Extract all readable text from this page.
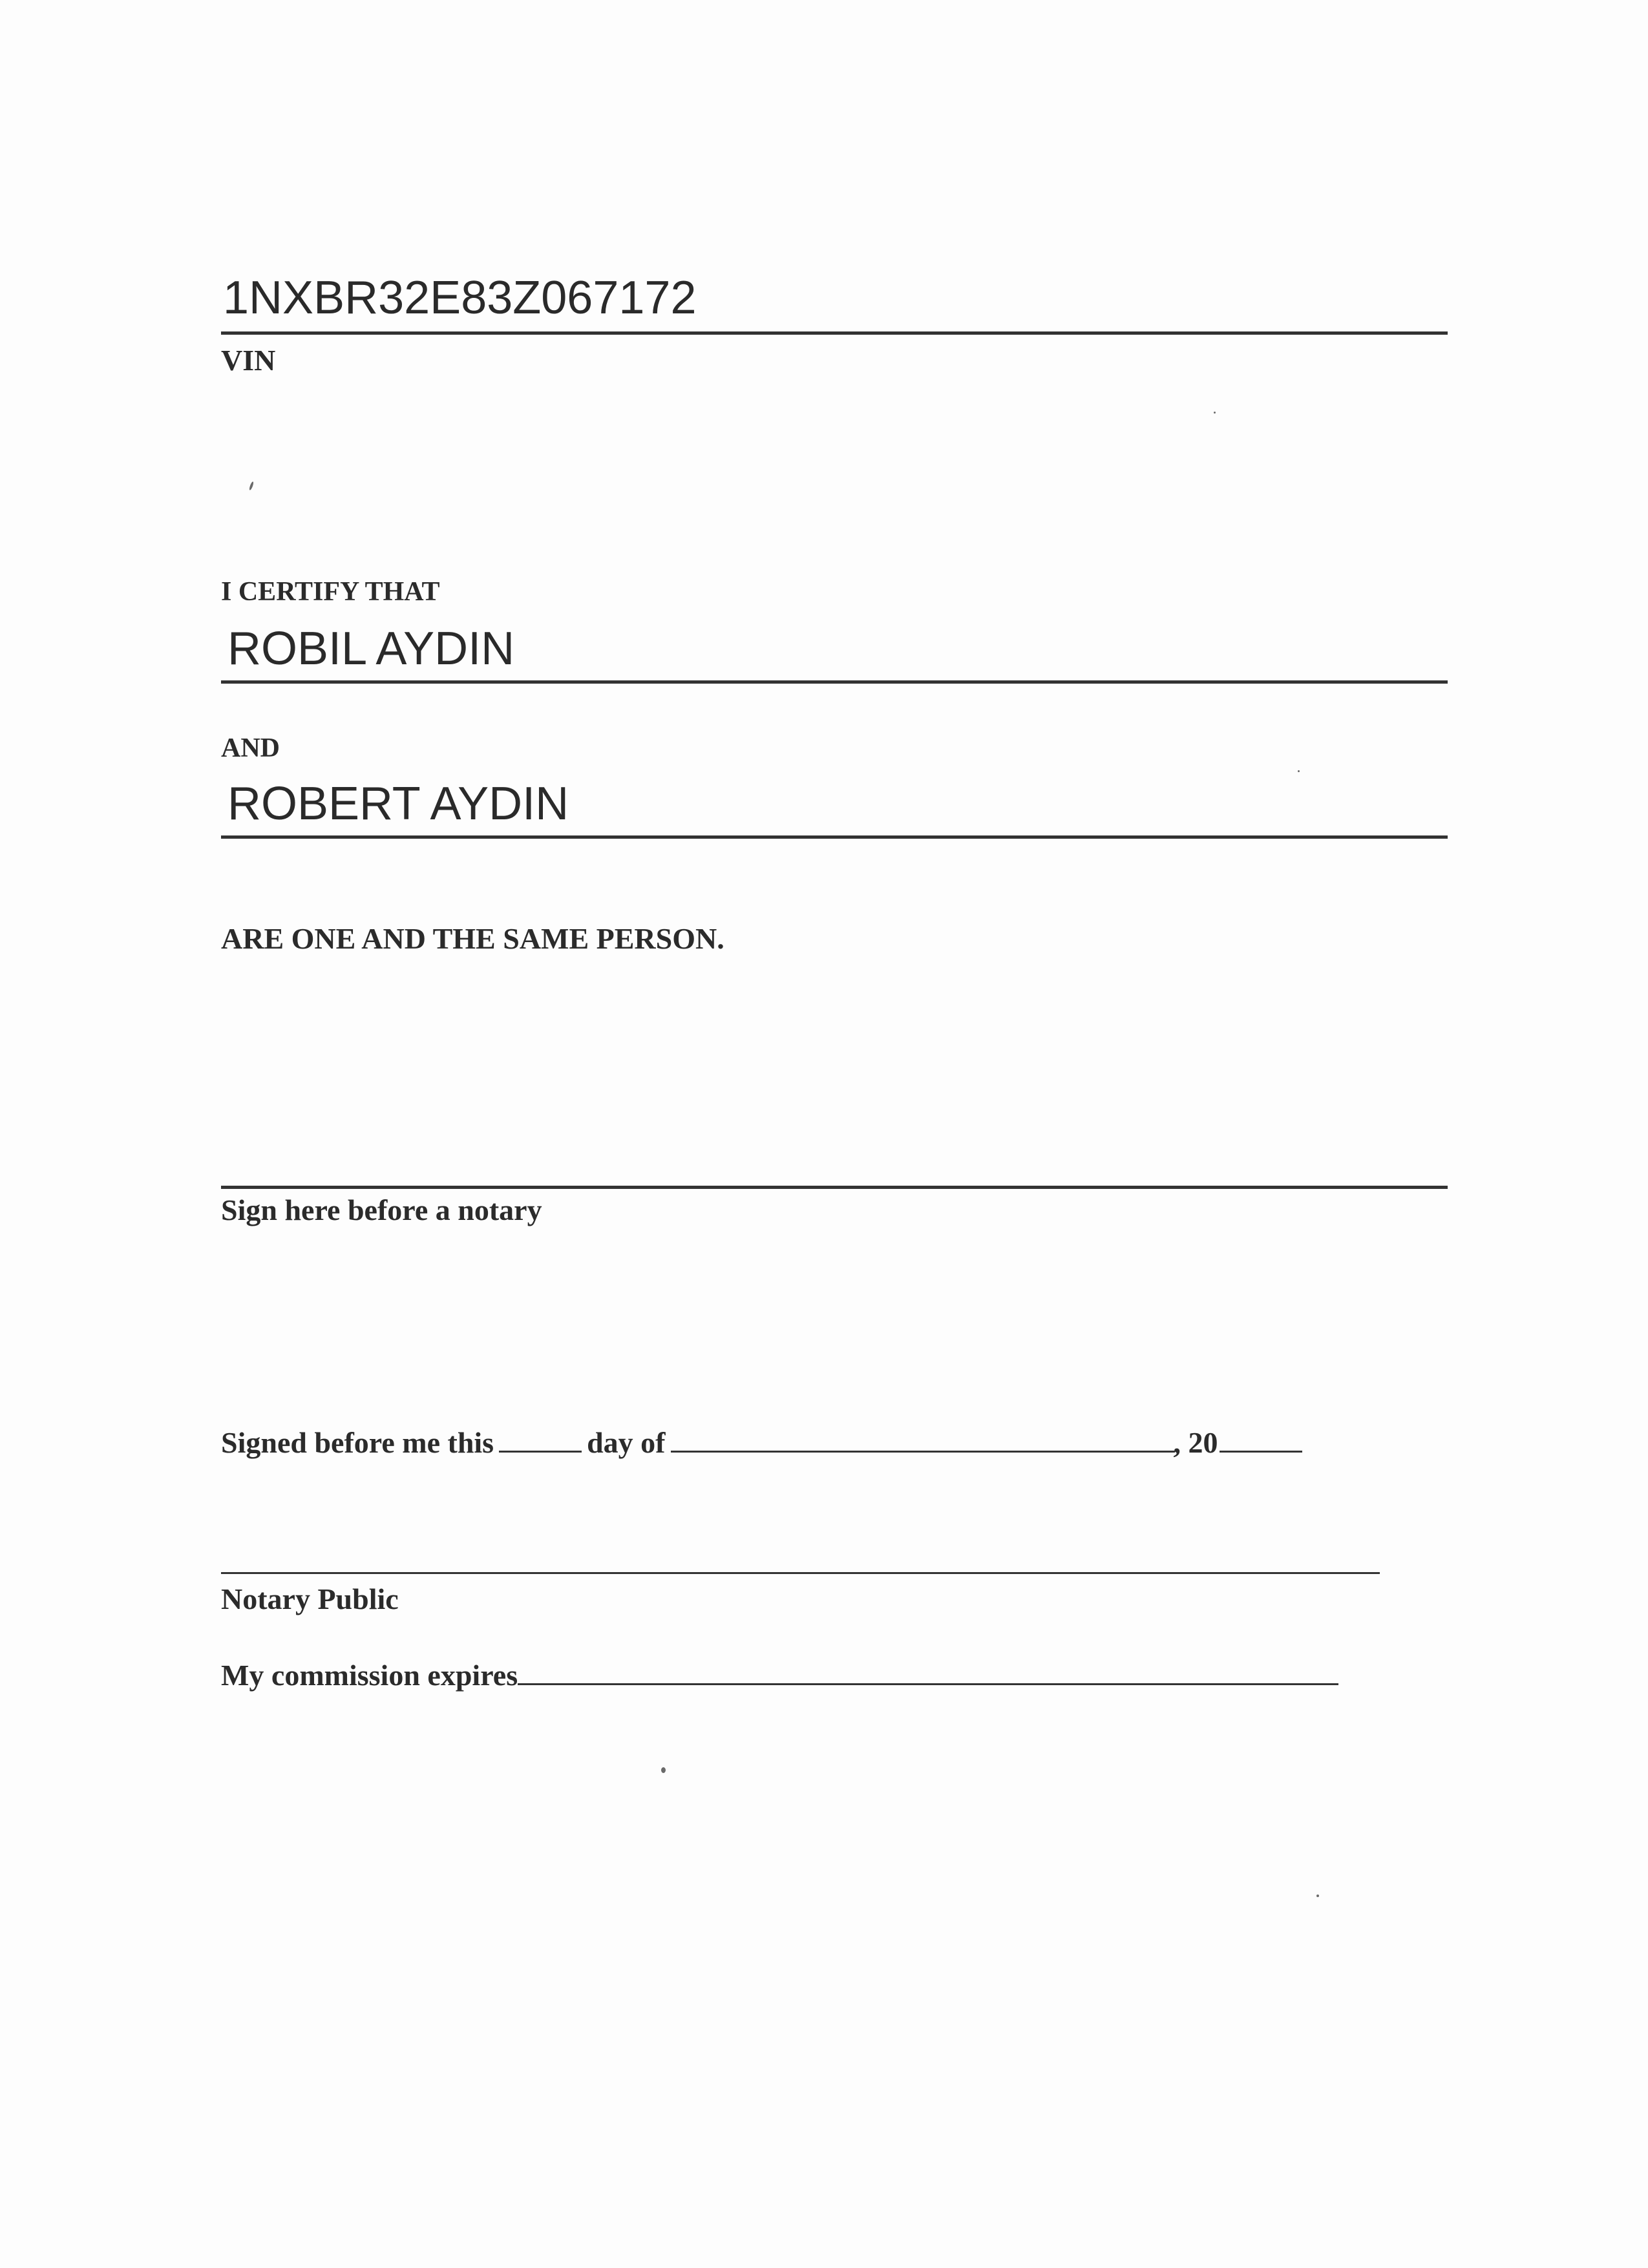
1NXBR32E83Z067172
VIN
I CERTIFY THAT
ROBIL AYDIN
AND
ROBERT AYDIN
ARE ONE AND THE SAME PERSON.
Sign here before a notary
Signed before me this	day of	, 20
Notary Public
My commission expires
